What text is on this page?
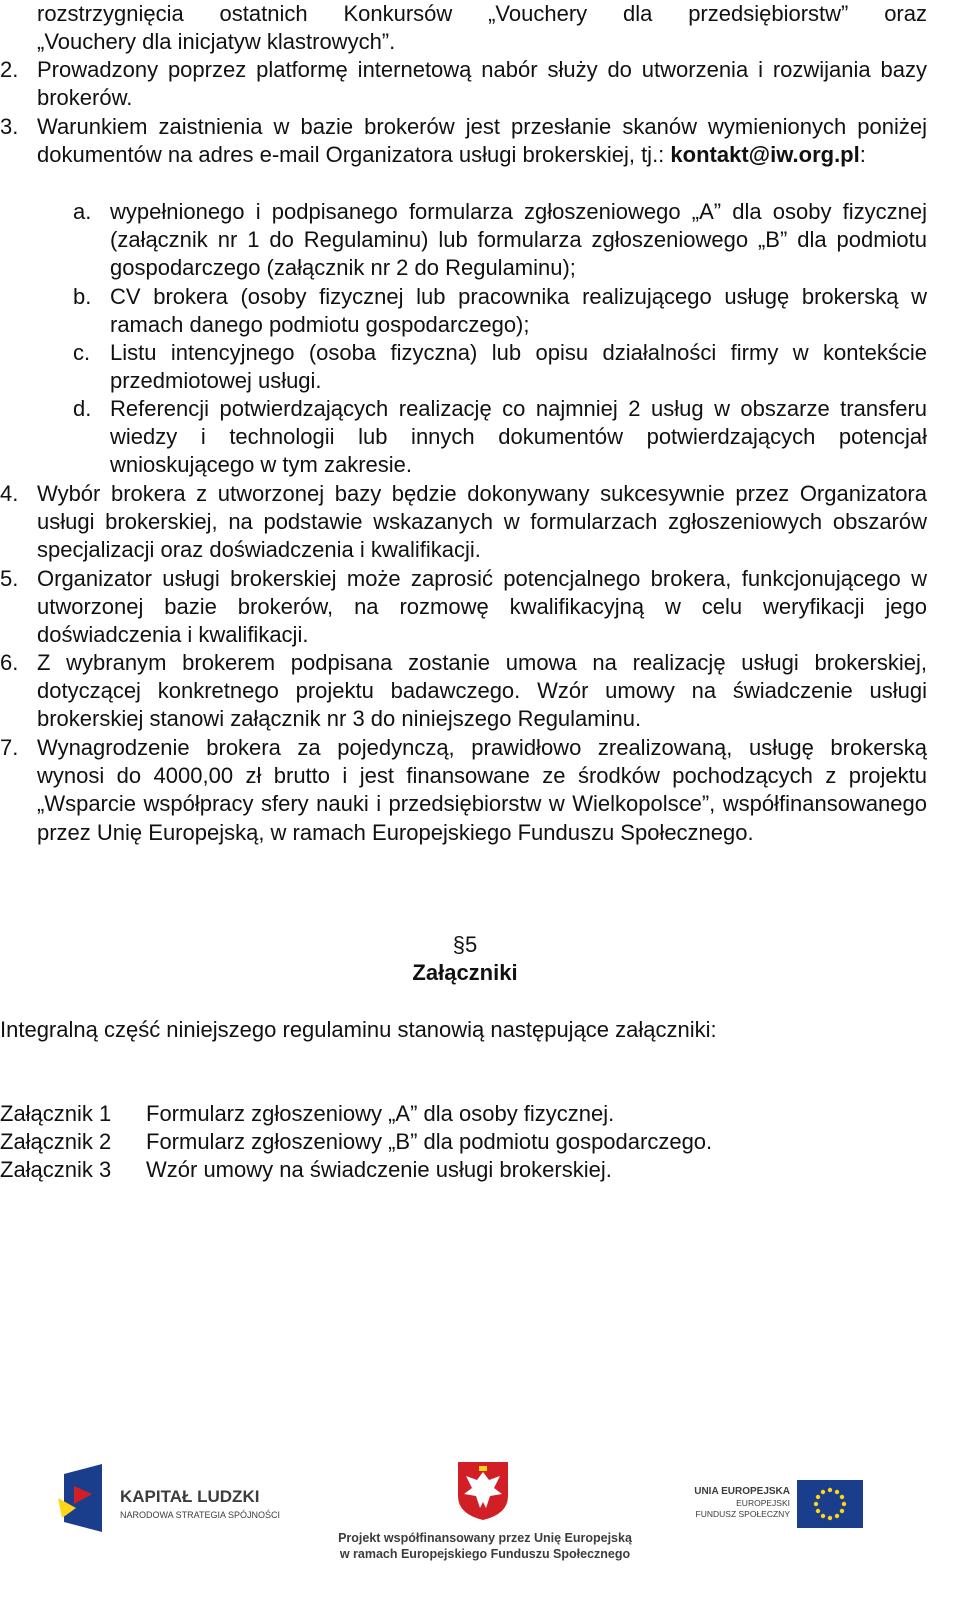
rozstrzygnięcia ostatnich Konkursów „Vouchery dla przedsiębiorstw” oraz
„Vouchery dla inicjatyw klastrowych”.
2. Prowadzony poprzez platformę internetową nabór służy do utworzenia i rozwijania bazy brokerów.
3. Warunkiem zaistnienia w bazie brokerów jest przesłanie skanów wymienionych poniżej dokumentów na adres e-mail Organizatora usługi brokerskiej, tj.: kontakt@iw.org.pl:
a. wypełnionego i podpisanego formularza zgłoszeniowego „A” dla osoby fizycznej (załącznik nr 1 do Regulaminu) lub formularza zgłoszeniowego „B” dla podmiotu gospodarczego (załącznik nr 2 do Regulaminu);
b. CV brokera (osoby fizycznej lub pracownika realizującego usługę brokerską w ramach danego podmiotu gospodarczego);
c. Listu intencyjnego (osoba fizyczna) lub opisu działalności firmy w kontekście przedmiotowej usługi.
d. Referencji potwierdzających realizację co najmniej 2 usług w obszarze transferu wiedzy i technologii lub innych dokumentów potwierdzających potencjał wnioskującego w tym zakresie.
4. Wybór brokera z utworzonej bazy będzie dokonywany sukcesywnie przez Organizatora usługi brokerskiej, na podstawie wskazanych w formularzach zgłoszeniowych obszarów specjalizacji oraz doświadczenia i kwalifikacji.
5. Organizator usługi brokerskiej może zaprosić potencjalnego brokera, funkcjonującego w utworzonej bazie brokerów, na rozmowę kwalifikacyjną w celu weryfikacji jego doświadczenia i kwalifikacji.
6. Z wybranym brokerem podpisana zostanie umowa na realizację usługi brokerskiej, dotyczącej konkretnego projektu badawczego. Wzór umowy na świadczenie usługi brokerskiej stanowi załącznik nr 3 do niniejszego Regulaminu.
7. Wynagrodzenie brokera za pojedynczą, prawidłowo zrealizowaną, usługę brokerską wynosi do 4000,00 zł brutto i jest finansowane ze środków pochodzących z projektu „Wsparcie współpracy sfery nauki i przedsiębiorstw w Wielkopolsce”, współfinansowanego przez Unię Europejską, w ramach Europejskiego Funduszu Społecznego.
§5
Załączniki
Integralną część niniejszego regulaminu stanowią następujące załączniki:
Załącznik 1 Formularz zgłoszeniowy „A” dla osoby fizycznej.
Załącznik 2 Formularz zgłoszeniowy „B” dla podmiotu gospodarczego.
Załącznik 3 Wzór umowy na świadczenie usługi brokerskiej.
KAPITAŁ LUDZKI
NARODOWA STRATEGIA SPÓJNOŚCI
Projekt współfinansowany przez Unię Europejską
w ramach Europejskiego Funduszu Społecznego
UNIA EUROPEJSKA
EUROPEJSKI
FUNDUSZ SPOŁECZNY
